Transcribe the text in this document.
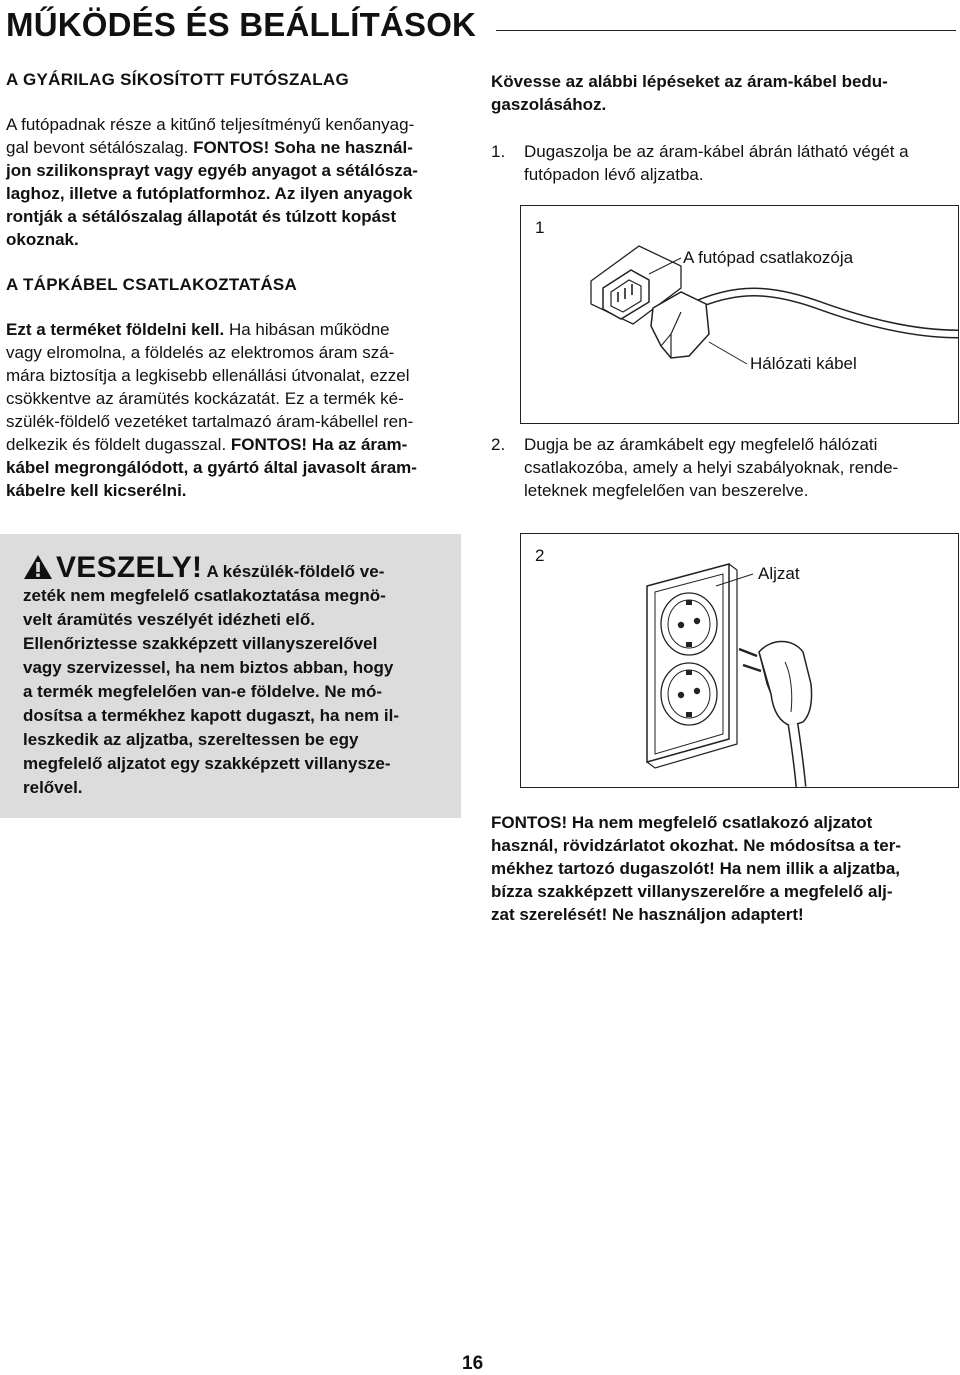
MŰKÖDÉS ÉS BEÁLLÍTÁSOK
A GYÁRILAG SÍKOSÍTOTT FUTÓSZALAG

A futópadnak része a kitűnő teljesítményű kenőanyag-
gal bevont sétálószalag. FONTOS! Soha ne használ-
jon szilikonsprayt vagy egyéb anyagot a sétálósza-
laghoz, illetve a futóplatformhoz. Az ilyen anyagok
rontják a sétálószalag állapotát és túlzott kopást
okoznak.

A TÁPKÁBEL CSATLAKOZTATÁSA

Ezt a terméket földelni kell. Ha hibásan működne
vagy elromolna, a földelés az elektromos áram szá-
mára biztosítja a legkisebb ellenállási útvonalat, ezzel
csökkentve az áramütés kockázatát. Ez a termék ké-
szülék-földelő vezetéket tartalmazó áram-kábellel ren-
delkezik és földelt dugasszal. FONTOS! Ha az áram-
kábel megrongálódott, a gyártó által javasolt áram-
kábelre kell kicserélni.

VESZELY! A készülék-földelő ve-
zeték nem megfelelő csatlakoztatása megnö-
velt áramütés veszélyét idézheti elő.
Ellenőriztesse szakképzett villanyszerelővel
vagy szervizessel, ha nem biztos abban, hogy
a termék megfelelően van-e földelve. Ne mó-
dosítsa a termékhez kapott dugaszt, ha nem il-
leszkedik az aljzatba, szereltessen be egy
megfelelő aljzatot egy szakképzett villanysze-
relővel.
Kövesse az alábbi lépéseket az áram-kábel bedu-
gaszolásához.
1. Dugaszolja be az áram-kábel ábrán látható végét a
futópadon lévő aljzatba.
1
A futópad csatlakozója
Hálózati kábel
2. Dugja be az áramkábelt egy megfelelő hálózati
csatlakozóba, amely a helyi szabályoknak, rende-
leteknek megfelelően van beszerelve.
2
Aljzat
FONTOS! Ha nem megfelelő csatlakozó aljzatot
használ, rövidzárlatot okozhat. Ne módosítsa a ter-
mékhez tartozó dugaszolót! Ha nem illik a aljzatba,
bízza szakképzett villanyszerelőre a megfelelő alj-
zat szerelését! Ne használjon adaptert!
16
